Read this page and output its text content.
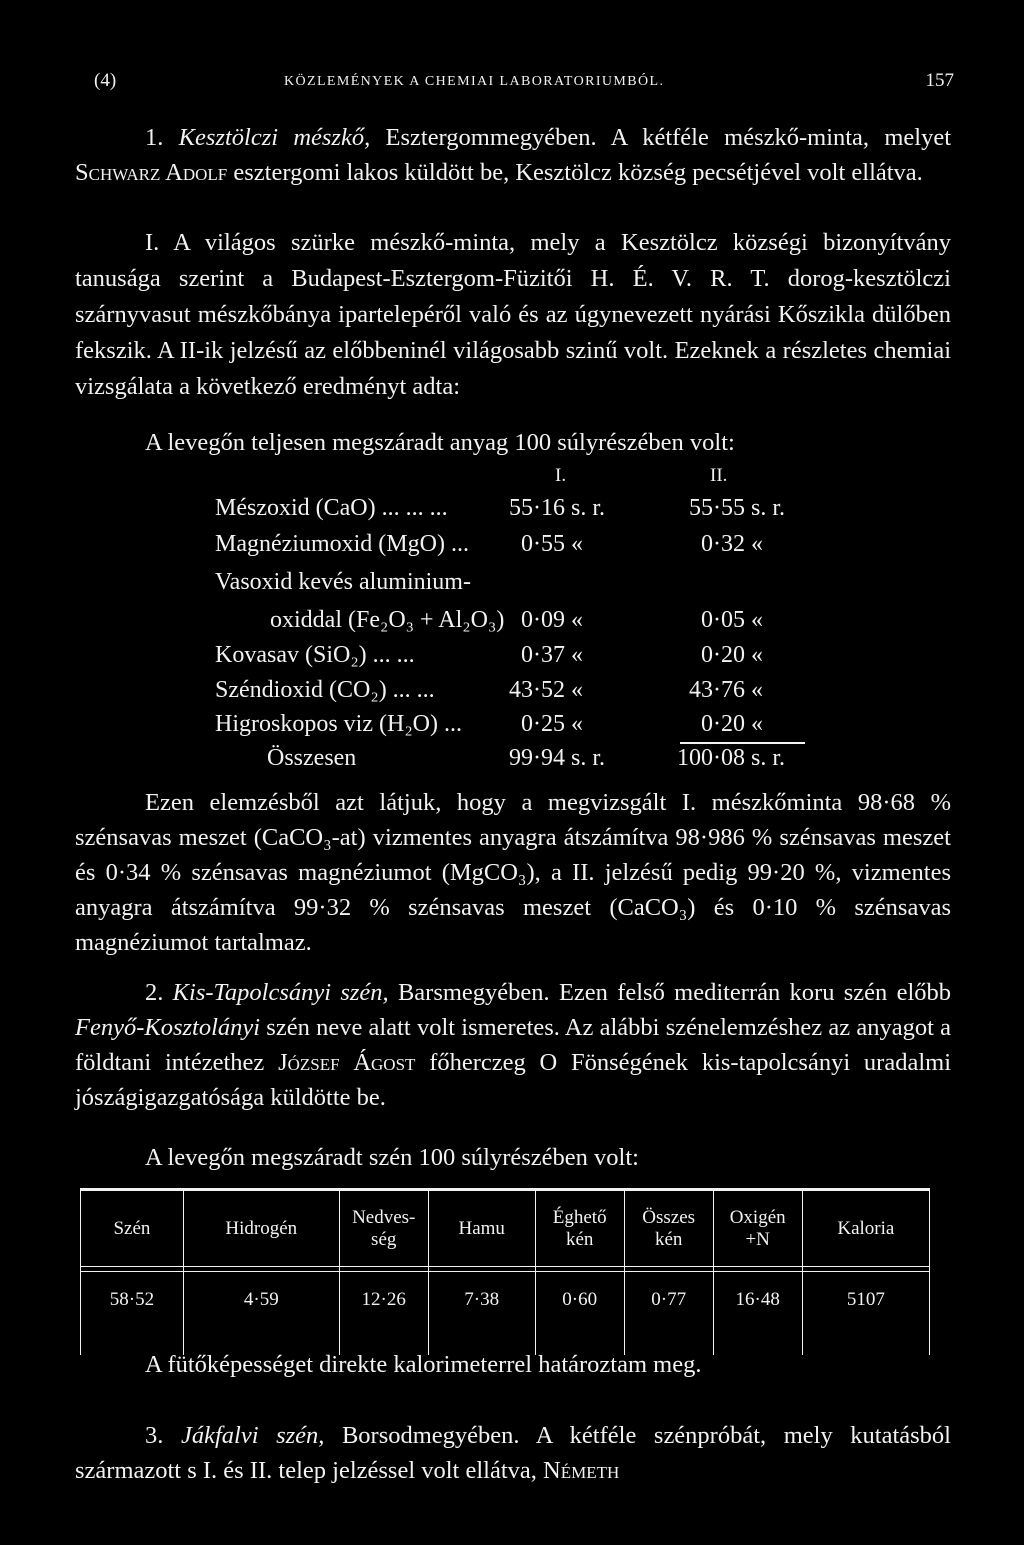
(4)	KÖZLEMÉNYEK A CHEMIAI LABORATORIUMBÓL.	157
1. Kesztölczi mészkő, Esztergommegyében. A kétféle mészkő-minta, melyet Schwarz Adolf esztergomi lakos küldött be, Kesztölcz község pecsétjével volt ellátva.
I. A világos szürke mészkő-minta, mely a Kesztölcz községi bizonyítvány tanusága szerint a Budapest-Esztergom-Füzitői H. É. V. R. T. dorog-kesztölczi szárnyvasut mészkőbánya ipartelepéről való és az úgynevezett nyárási Kőszikla dülőben fekszik. A II-ik jelzésű az előbbeninél világosabb szinű volt. Ezeknek a részletes chemiai vizsgálata a következő eredményt adta:
A levegőn teljesen megszáradt anyag 100 súlyrészében volt:
I.	II.
Mészoxid (CaO) ... ... ...	55·16 s. r.	55·55 s. r.
Magnéziumoxid (MgO) ...	0·55 «	0·32 «
Vasoxid kevés aluminium-
oxiddal (Fe₂O₃ + Al₂O₃) 0·09 «	0·05 «
Kovasav (SiO₂) ... ...	0·37 «	0·20 «
Széndioxid (CO₂) ... ...	43·52 «	43·76 «
Higroskopos viz (H₂O) ...	0·25 «	0·20 «
Összesen	99·94 s. r.	100·08 s. r.
Ezen elemzésből azt látjuk, hogy a megvizsgált I. mészkőminta 98·68 % szénsavas meszet (CaCO₃-at) vizmentes anyagra átszámítva 98·986 % szénsavas meszet és 0·34 % szénsavas magnéziumot (MgCO₃), a II. jelzésű pedig 99·20 %, vizmentes anyagra átszámítva 99·32 % szénsavas meszet (CaCO₃) és 0·10 % szénsavas magnéziumot tartalmaz.
2. Kis-Tapolcsányi szén, Barsmegyében. Ezen felső mediterrán koru szén előbb Fenyő-Kosztolányi szén neve alatt volt ismeretes. Az alábbi szénelemzéshez az anyagot a földtani intézethez József Ágost főherczeg O Fönségének kis-tapolcsányi uradalmi jószágigazgatósága küldötte be.
A levegőn megszáradt szén 100 súlyrészében volt:
Szén	Hidrogén	Nedves-ség	Hamu	Éghető kén	Összes kén	Oxigén +N	Kaloria

58·52	4·59	12·26	7·38	0·60	0·77	16·48	5107

A fütőképességet direkte kalorimeterrel határoztam meg.
3. Jákfalvi szén, Borsodmegyében. A kétféle szénpróbát, mely kutatásból származott s I. és II. telep jelzéssel volt ellátva, Németh
